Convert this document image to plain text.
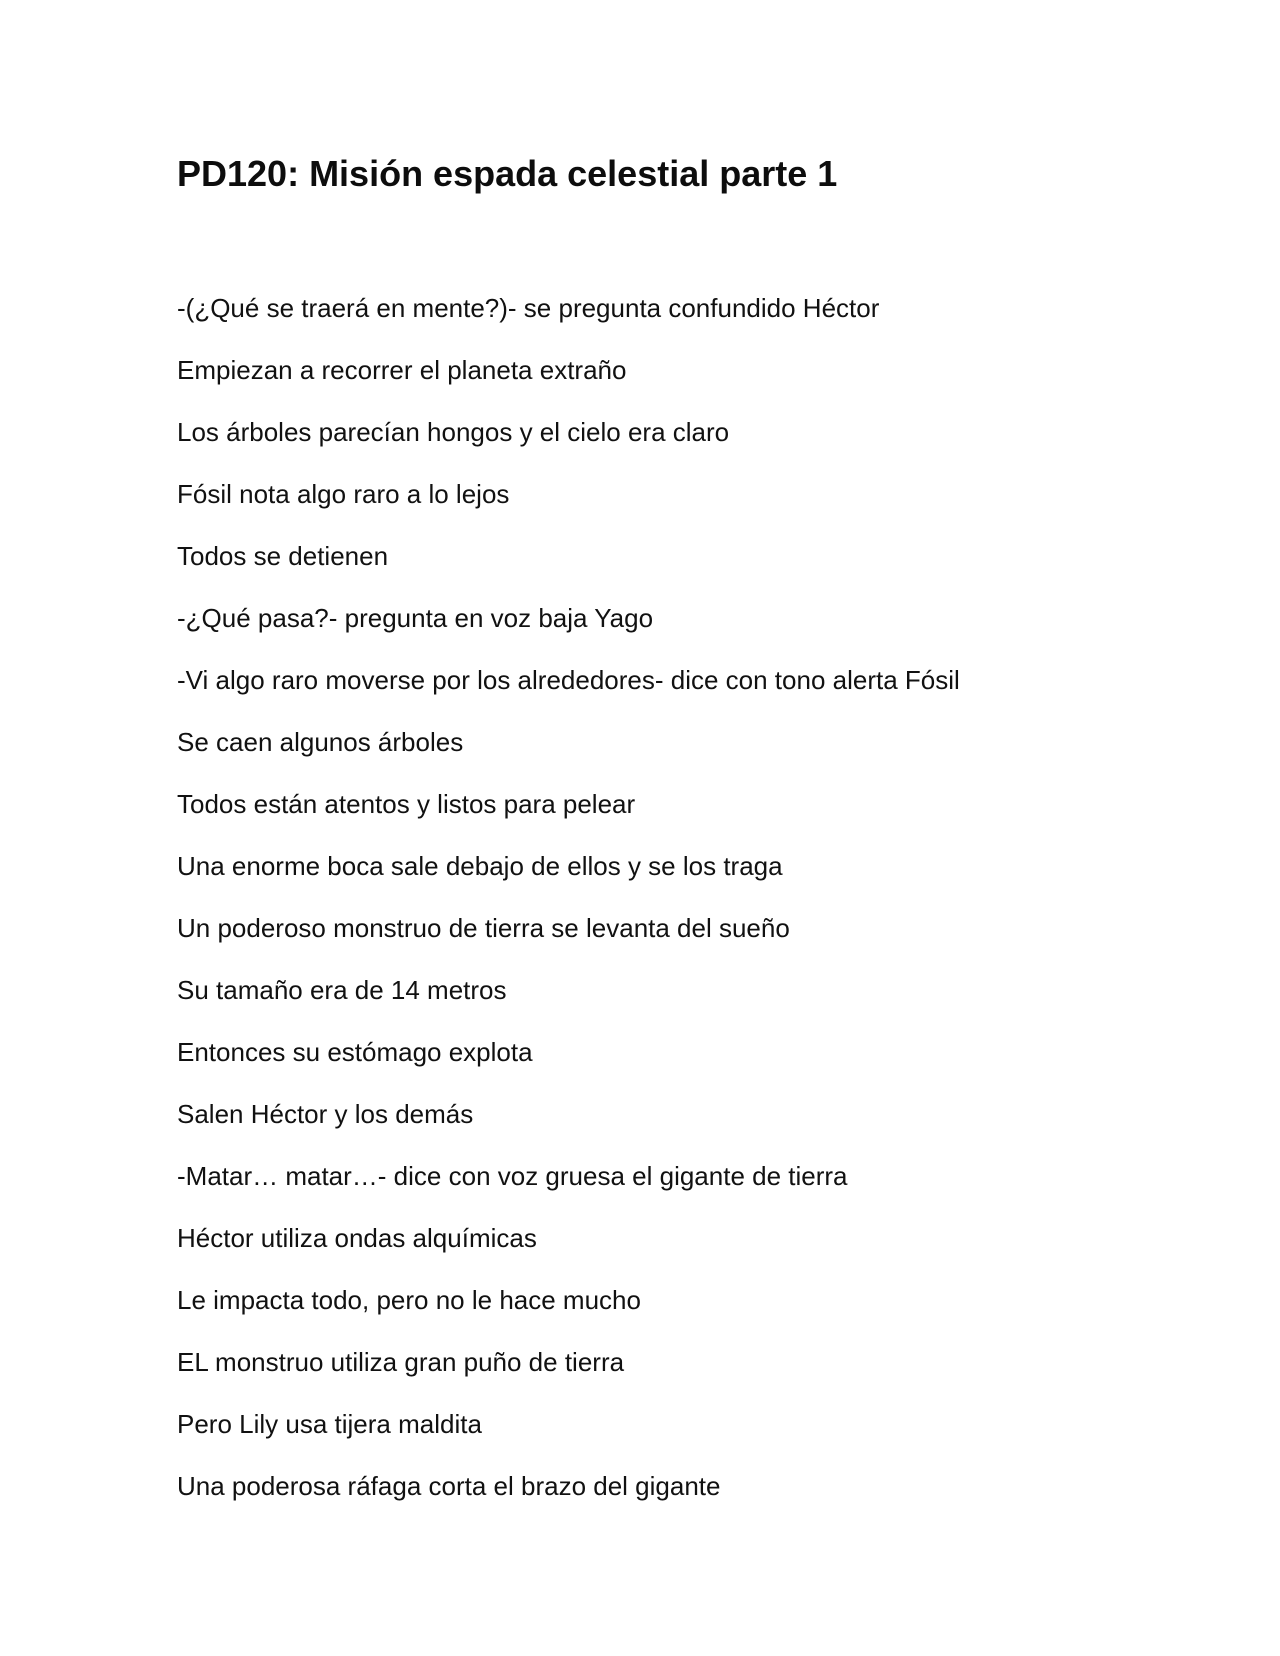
PD120: Misión espada celestial parte 1
-(¿Qué se traerá en mente?)- se pregunta confundido Héctor
Empiezan a recorrer el planeta extraño
Los árboles parecían hongos y el cielo era claro
Fósil nota algo raro a lo lejos
Todos se detienen
-¿Qué pasa?- pregunta en voz baja Yago
-Vi algo raro moverse por los alrededores- dice con tono alerta Fósil
Se caen algunos árboles
Todos están atentos y listos para pelear
Una enorme boca sale debajo de ellos y se los traga
Un poderoso monstruo de tierra se levanta del sueño
Su tamaño era de 14 metros
Entonces su estómago explota
Salen Héctor y los demás
-Matar… matar…- dice con voz gruesa el gigante de tierra
Héctor utiliza ondas alquímicas
Le impacta todo, pero no le hace mucho
EL monstruo utiliza gran puño de tierra
Pero Lily usa tijera maldita
Una poderosa ráfaga corta el brazo del gigante
